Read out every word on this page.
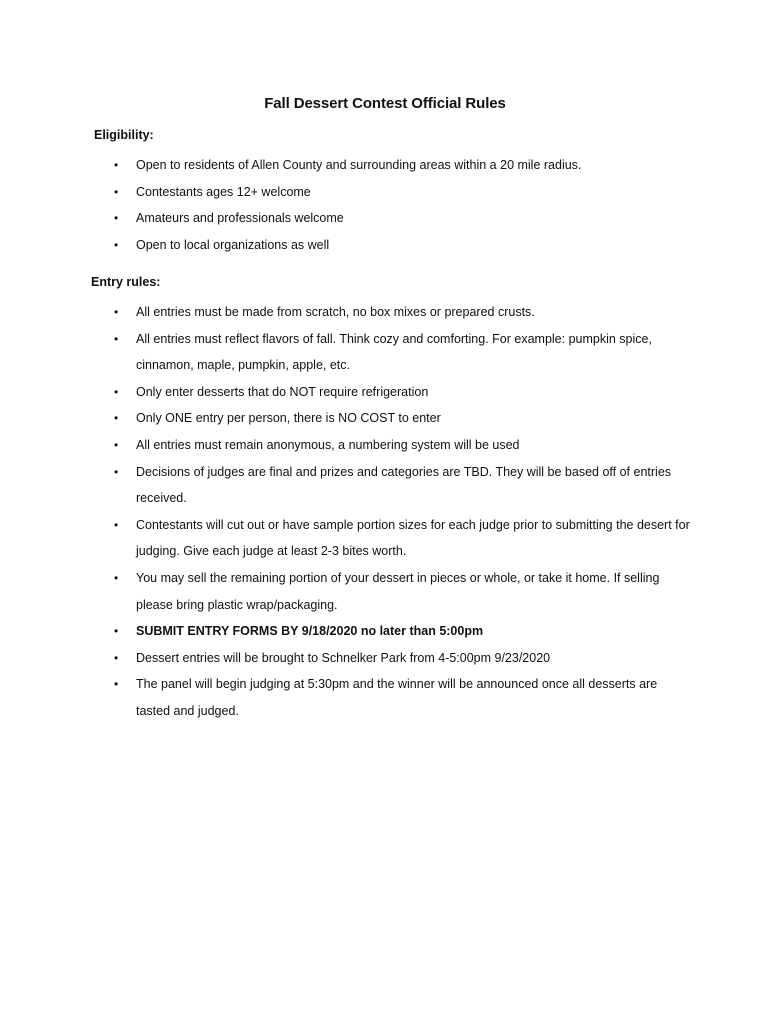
Fall Dessert Contest Official Rules
Eligibility:
• Open to residents of Allen County and surrounding areas within a 20 mile radius.
• Contestants ages 12+ welcome
• Amateurs and professionals welcome
• Open to local organizations as well
Entry rules:
• All entries must be made from scratch, no box mixes or prepared crusts.
• All entries must reflect flavors of fall. Think cozy and comforting. For example: pumpkin spice, cinnamon, maple, pumpkin, apple, etc.
• Only enter desserts that do NOT require refrigeration
• Only ONE entry per person, there is NO COST to enter
• All entries must remain anonymous, a numbering system will be used
• Decisions of judges are final and prizes and categories are TBD. They will be based off of entries received.
• Contestants will cut out or have sample portion sizes for each judge prior to submitting the desert for judging. Give each judge at least 2-3 bites worth.
• You may sell the remaining portion of your dessert in pieces or whole, or take it home. If selling please bring plastic wrap/packaging.
• SUBMIT ENTRY FORMS BY 9/18/2020 no later than 5:00pm
• Dessert entries will be brought to Schnelker Park from 4-5:00pm 9/23/2020
• The panel will begin judging at 5:30pm and the winner will be announced once all desserts are tasted and judged.
